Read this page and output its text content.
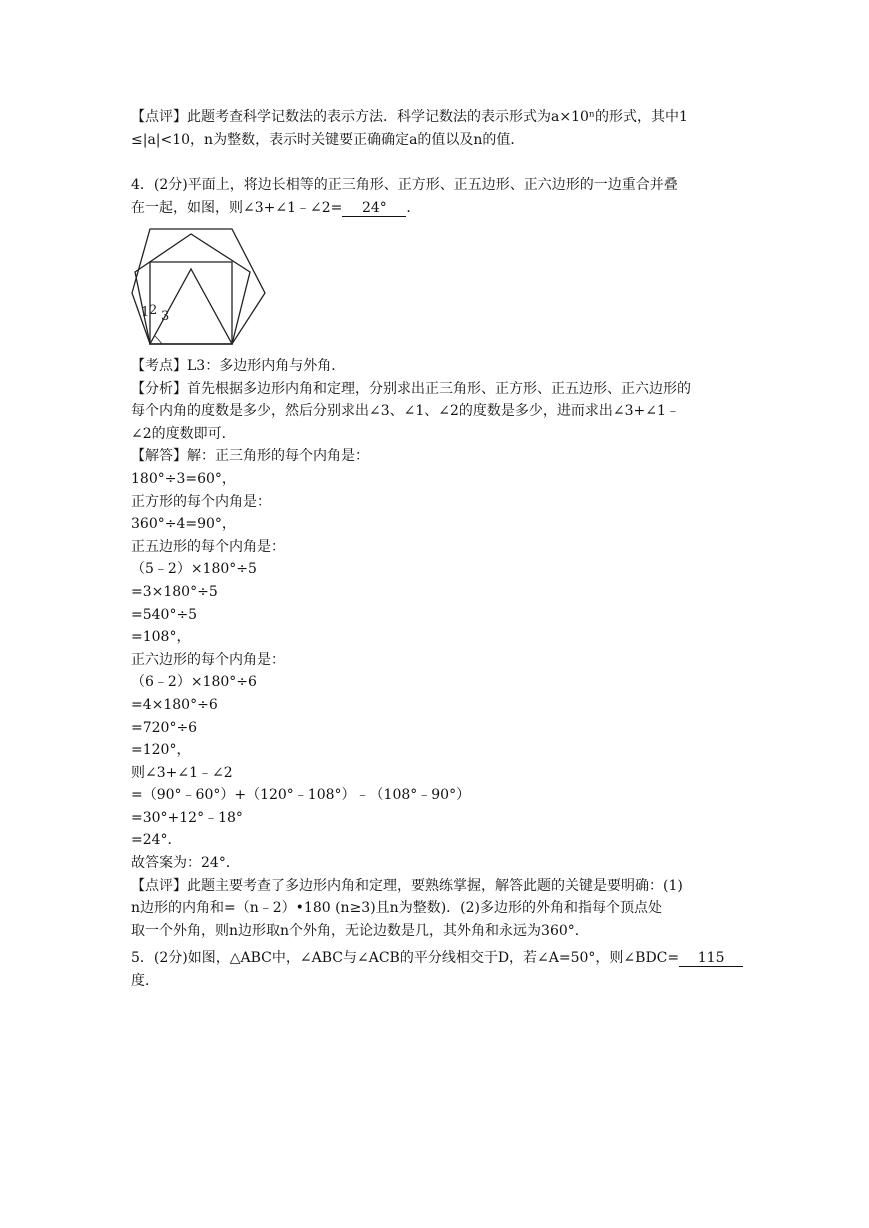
【点评】此题考查科学记数法的表示方法．科学记数法的表示形式为a×10ⁿ的形式，其中1
≤|a|<10，n为整数，表示时关键要正确确定a的值以及n的值．
4．(2分)平面上，将边长相等的正三角形、正方形、正五边形、正六边形的一边重合并叠
在一起，如图，则∠3+∠1﹣∠2= 24° ．
1 2 3
【考点】L3：多边形内角与外角．
【分析】首先根据多边形内角和定理，分别求出正三角形、正方形、正五边形、正六边形的
每个内角的度数是多少，然后分别求出∠3、∠1、∠2的度数是多少，进而求出∠3+∠1﹣
∠2的度数即可．
【解答】解：正三角形的每个内角是：
180°÷3=60°，
正方形的每个内角是：
360°÷4=90°，
正五边形的每个内角是：
（5﹣2）×180°÷5
=3×180°÷5
=540°÷5
=108°，
正六边形的每个内角是：
（6﹣2）×180°÷6
=4×180°÷6
=720°÷6
=120°，
则∠3+∠1﹣∠2
=（90°﹣60°）+（120°﹣108°）﹣（108°﹣90°）
=30°+12°﹣18°
=24°．
故答案为：24°．
【点评】此题主要考查了多边形内角和定理，要熟练掌握，解答此题的关键是要明确：(1)
n边形的内角和=（n﹣2）•180 (n≥3)且n为整数)．(2)多边形的外角和指每个顶点处
取一个外角，则n边形取n个外角，无论边数是几，其外角和永远为360°．
5．(2分)如图，△ABC中，∠ABC与∠ACB的平分线相交于D，若∠A=50°，则∠BDC= 115
度．
